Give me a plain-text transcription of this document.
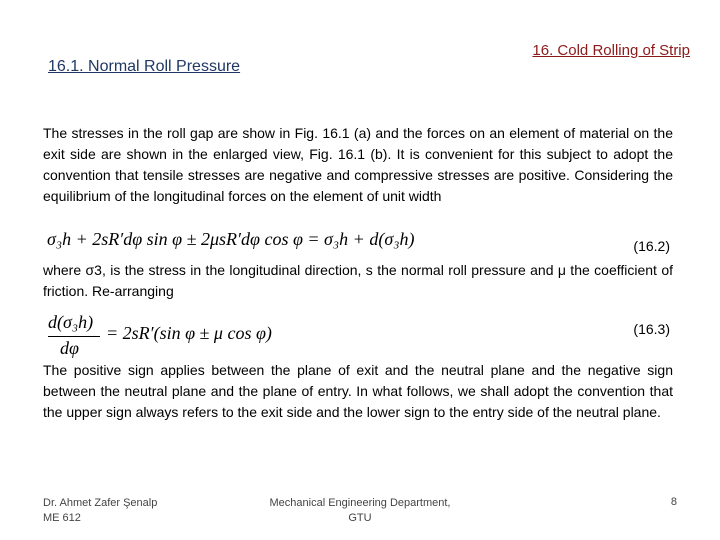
16. Cold Rolling of Strip
16.1. Normal Roll Pressure

The stresses in the roll gap are show in Fig. 16.1 (a) and the forces on an element of material on the exit side are shown in the enlarged view, Fig. 16.1 (b). It is convenient for this subject to adopt the convention that tensile stresses are negative and compressive stresses are positive. Considering the equilibrium of the longitudinal forces on the element of unit width

σ₃h + 2sR′dφ sin φ ± 2μsR′dφ cos φ = σ₃h + d(σ₃h)	(16.2)

where σ3, is the stress in the longitudinal direction, s the normal roll pressure and μ the coefficient of friction. Re-arranging

d(σ₃h)
dφ
= 2sR′(sin φ ± μ cos φ)	(16.3)

The positive sign applies between the plane of exit and the neutral plane and the negative sign between the neutral plane and the plane of entry. In what follows, we shall adopt the convention that the upper sign always refers to the exit side and the lower sign to the entry side of the neutral plane.

Dr. Ahmet Zafer Şenalp
ME 612
Mechanical Engineering Department,
GTU
8
